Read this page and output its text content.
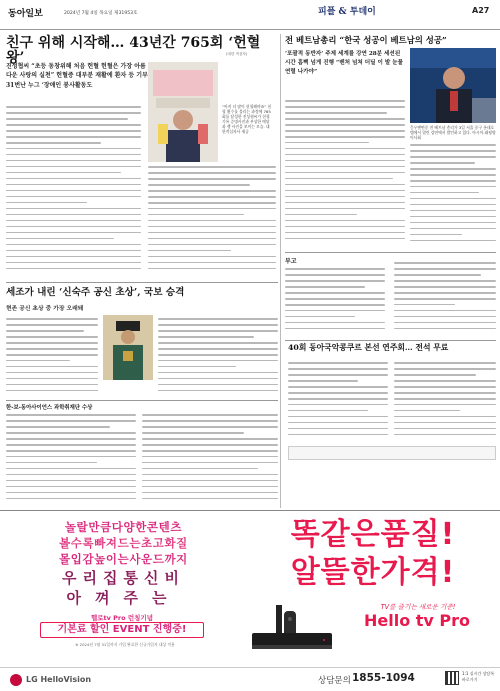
동아일보	2024년 7월 4일 목요일 제31953호	피플 & 투데이	A27
친구 위해 시작해… 43년간 765회 ‘헌혈왕’	(대한 적십자)
진성협씨 “초등 동창위해 처음 헌혈 헌혈은 가장 아름다운 사랑의 실천” 헌혈증 대부분 재활에 환자 등 기부 31번난 누그 ‘장애인 봉사활동도
“아직 더 많이 헌혈해야죠” 헌혈 횟수를 불리는 과정에 765회를 달성한 진성협씨가 헌혈기록 증명사진과 부상한 메달과 쟁 사진을 보이는 모습. 대한적십자사 제공
전 베트남총리 “한국 성공이 베트남의 성공”
‘포괄적 동반자’ 주제 세계를 강연 28분 세션된 시간 흠뻑 넘게 진행 “벤처 넘쳐 더딜 이 발 눈물 연렬 나가야”
응우옌떤중 전 베트남 총리가 3일 서울 중구 롯데호텔에서 열린 강연에서 발언하고 있다. 아시아-태평양 이사회
부고
40회 동아국악콩쿠르 본선 연주회… 전석 무료
세조가 내린 ‘신숙주 공신 초상’, 국보 승격
현존 공신 초상 중 가장 오래돼
한-보-동아사이언스 과학취재단 수상
놀랄만큼다양한콘텐츠
볼수록빠져드는초고화질
몰입감높이는사운드까지
우리집통신비
아껴주는
헬로tv Pro 런칭기념
기본료 할인 EVENT 진행중!
※ 2024년 7월 31일까지 가입 완료한 신규가입자 대상 적용
똑같은품질!
알뜰한가격!
TV를 즐기는 새로운 기준!
Hello tv Pro
LG HelloVision	상담문의 1855-1094	1:1 실시간 상담톡 바로가기
